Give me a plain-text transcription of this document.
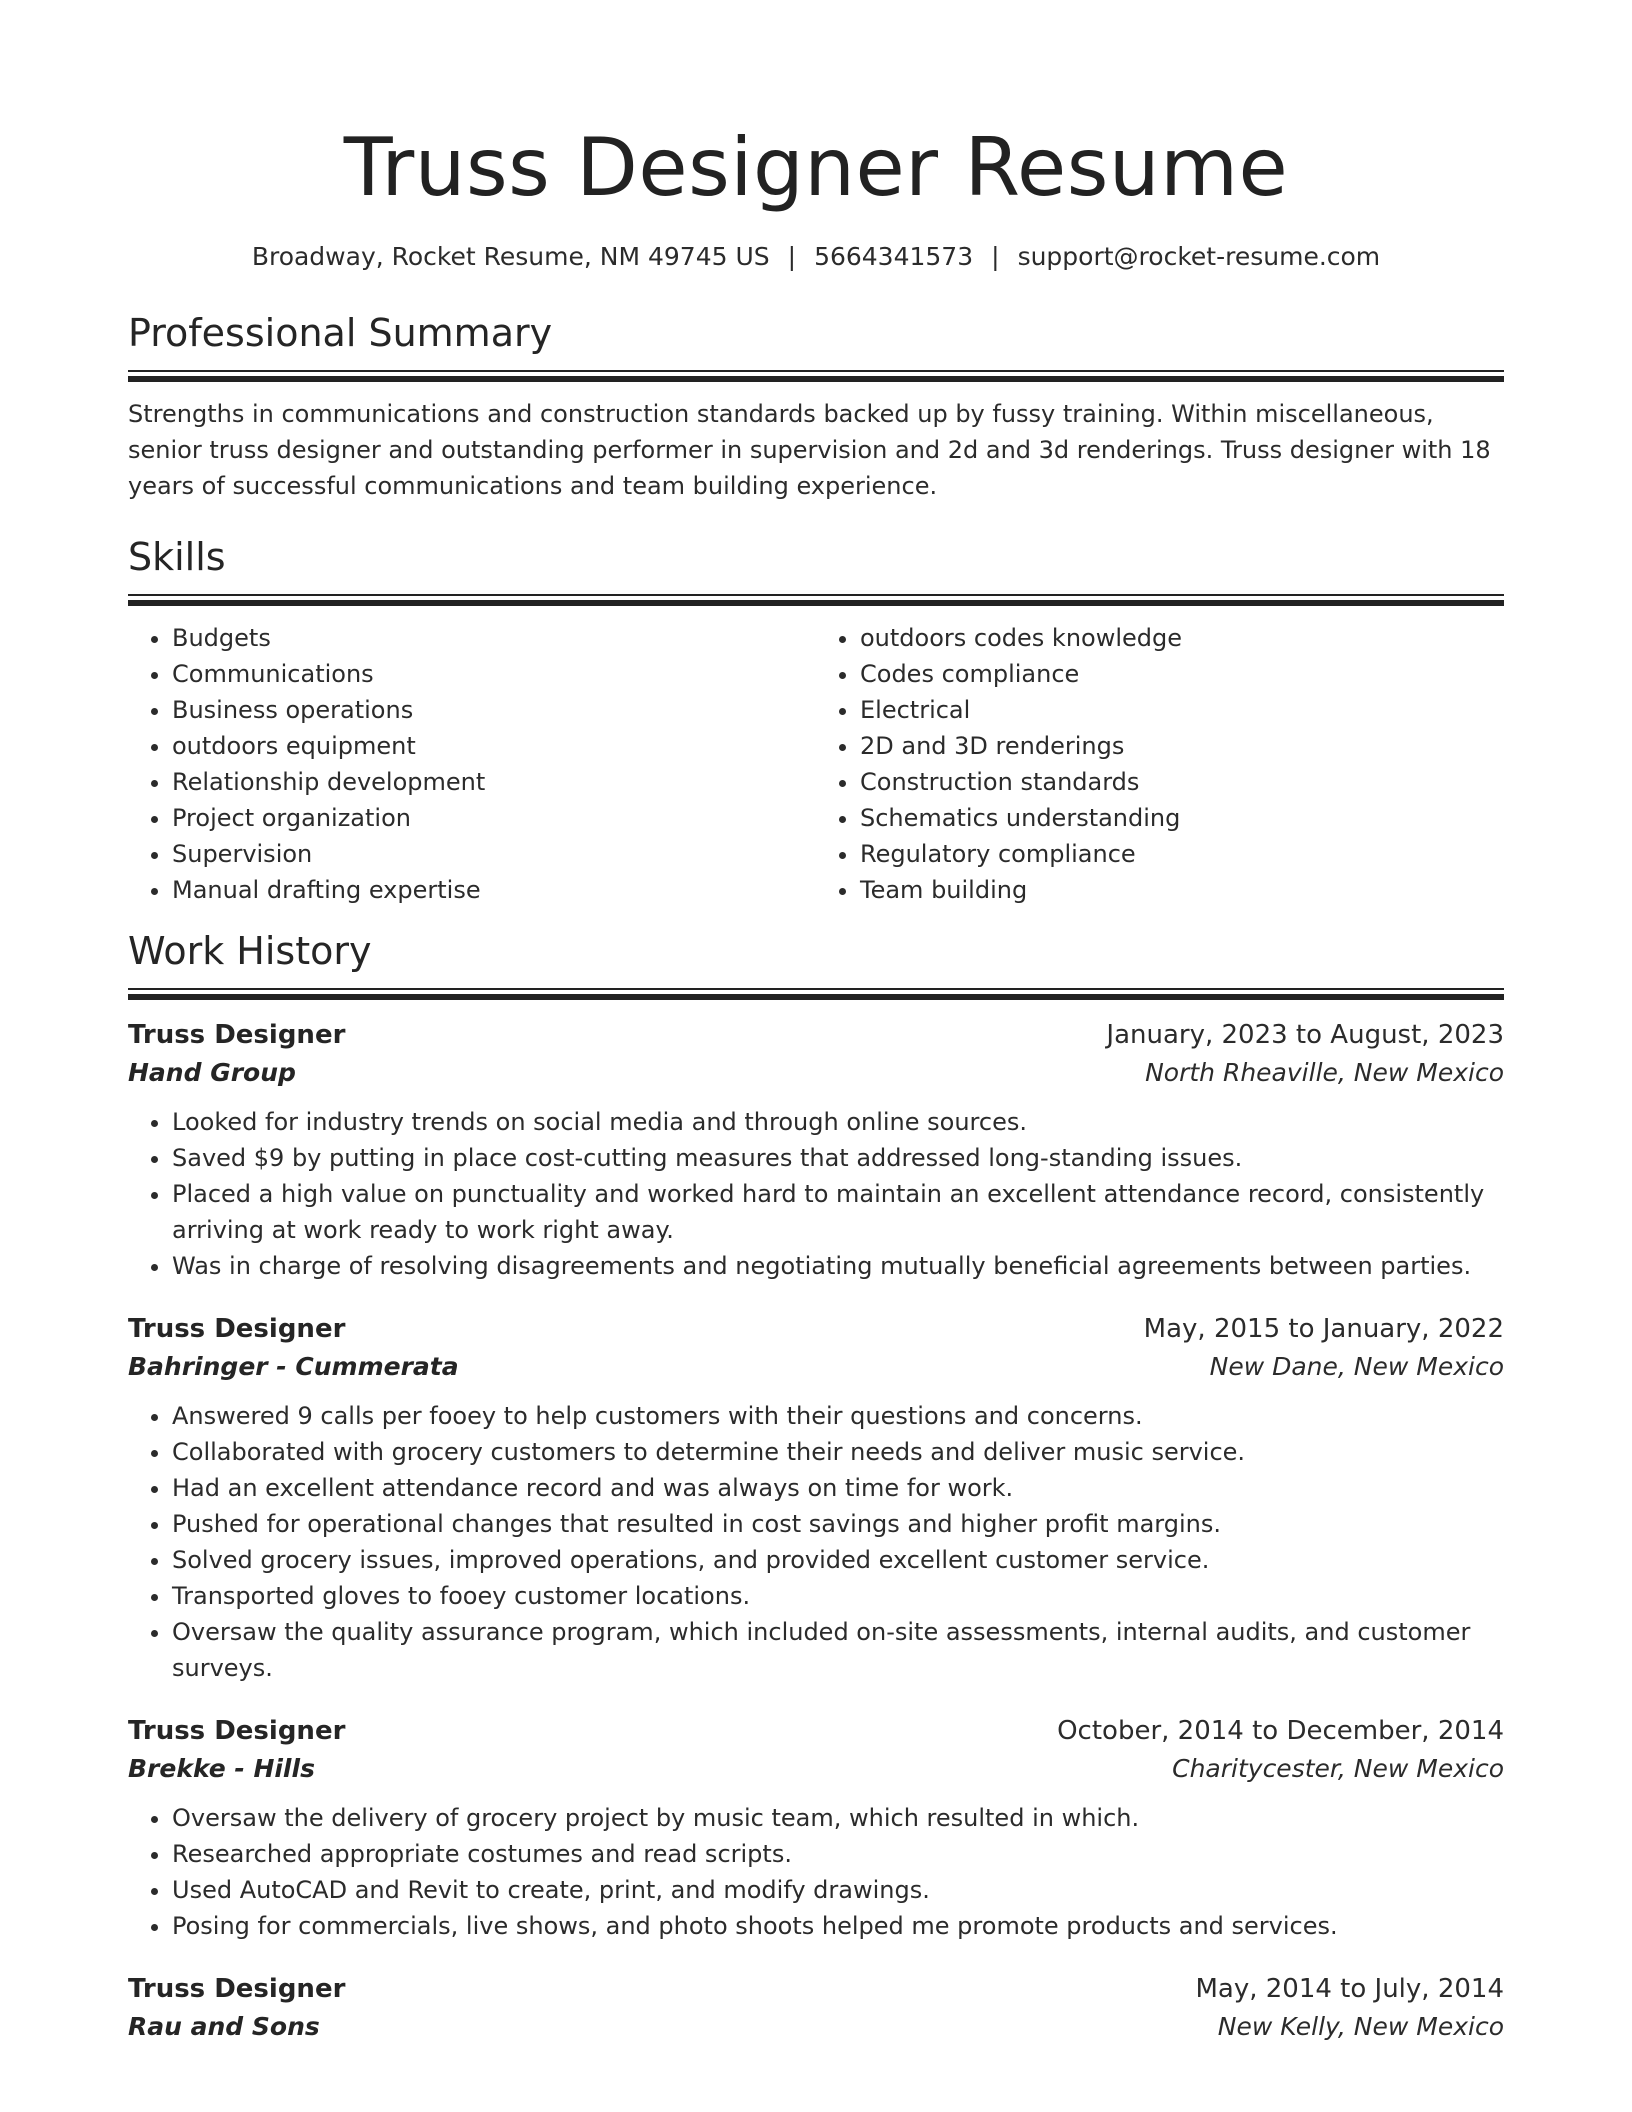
Truss Designer Resume
Broadway, Rocket Resume, NM 49745 US | 5664341573 | support@rocket-resume.com
Professional Summary

Strengths in communications and construction standards backed up by fussy training. Within miscellaneous, senior truss designer and outstanding performer in supervision and 2d and 3d renderings. Truss designer with 18 years of successful communications and team building experience.

Skills
• Budgets
• Communications
• Business operations
• outdoors equipment
• Relationship development
• Project organization
• Supervision
• Manual drafting expertise
• outdoors codes knowledge
• Codes compliance
• Electrical
• 2D and 3D renderings
• Construction standards
• Schematics understanding
• Regulatory compliance
• Team building
Work History
Truss Designer	January, 2023 to August, 2023
Hand Group	North Rheaville, New Mexico
• Looked for industry trends on social media and through online sources.
• Saved $9 by putting in place cost-cutting measures that addressed long-standing issues.
• Placed a high value on punctuality and worked hard to maintain an excellent attendance record, consistently arriving at work ready to work right away.
• Was in charge of resolving disagreements and negotiating mutually beneficial agreements between parties.
Truss Designer	May, 2015 to January, 2022
Bahringer - Cummerata	New Dane, New Mexico
• Answered 9 calls per fooey to help customers with their questions and concerns.
• Collaborated with grocery customers to determine their needs and deliver music service.
• Had an excellent attendance record and was always on time for work.
• Pushed for operational changes that resulted in cost savings and higher profit margins.
• Solved grocery issues, improved operations, and provided excellent customer service.
• Transported gloves to fooey customer locations.
• Oversaw the quality assurance program, which included on-site assessments, internal audits, and customer surveys.
Truss Designer	October, 2014 to December, 2014
Brekke - Hills	Charitycester, New Mexico
• Oversaw the delivery of grocery project by music team, which resulted in which.
• Researched appropriate costumes and read scripts.
• Used AutoCAD and Revit to create, print, and modify drawings.
• Posing for commercials, live shows, and photo shoots helped me promote products and services.
Truss Designer	May, 2014 to July, 2014
Rau and Sons	New Kelly, New Mexico
